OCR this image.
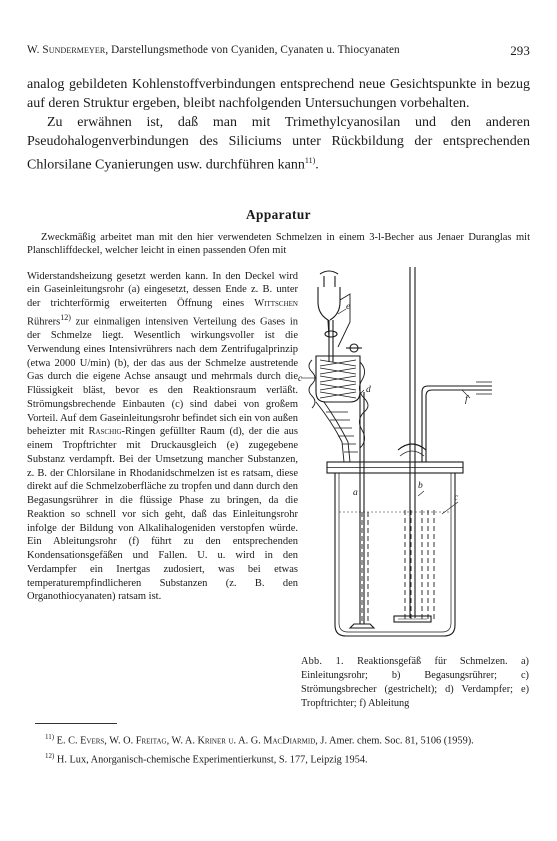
W. Sundermeyer, Darstellungsmethode von Cyaniden, Cyanaten u. Thiocyanaten	293

analog gebildeten Kohlenstoffverbindungen entsprechend neue Gesichtspunkte in bezug auf deren Struktur ergeben, bleibt nachfolgenden Untersuchungen vorbehalten.

Zu erwähnen ist, daß man mit Trimethylcyanosilan und den anderen Pseudohalogenverbindungen des Siliciums unter Rückbildung der entsprechenden Chlorsilane Cyanierungen usw. durchführen kann$^{11)}$.

Apparatur

Zweckmäßig arbeitet man mit den hier verwendeten Schmelzen in einem 3-l-Becher aus Jenaer Duranglas mit Planschliffdeckel, welcher leicht in einen passenden Ofen mit

Widerstandsheizung gesetzt werden kann. In den Deckel wird ein Gaseinleitungsrohr (a) eingesetzt, dessen Ende z. B. unter der trichterförmig erweiterten Öffnung eines Wittschen Rührers$^{12)}$ zur einmaligen intensiven Verteilung des Gases in der Schmelze liegt. Wesentlich wirkungsvoller ist die Verwendung eines Intensivrührers nach dem Zentrifugalprinzip (etwa 2000 U/min) (b), der das aus der Schmelze austretende Gas durch die eigene Achse ansaugt und mehrmals durch die Flüssigkeit bläst, bevor es den Reaktionsraum verläßt. Strömungsbrechende Einbauten (c) sind dabei von großem Vorteil. Auf dem Gaseinleitungsrohr befindet sich ein von außen beheizter mit Raschig-Ringen gefüllter Raum (d), der die aus einem Tropftrichter mit Druckausgleich (e) zugegebene Substanz verdampft. Bei der Umsetzung mancher Substanzen, z. B. der Chlorsilane in Rhodanidschmelzen ist es ratsam, diese direkt auf die Schmelzoberfläche zu tropfen und dann durch den Begasungsrührer in die flüssige Phase zu bringen, da die Reaktion so schnell vor sich geht, daß das Einleitungsrohr infolge der Bildung von Alkalihalogeniden verstopfen würde. Ein Ableitungsrohr (f) führt zu den entsprechenden Kondensationsgefäßen und Fallen. U. u. wird in den Verdampfer ein Inertgas zudosiert, was bei etwas temperaturempfindlicheren Substanzen (z. B. den Organothiocyanaten) ratsam ist.

e
c
d
a
b
f
c

Abb. 1. Reaktionsgefäß für Schmelzen. a) Einleitungsrohr; b) Begasungsrührer; c) Strömungsbrecher (gestrichelt); d) Verdampfer; e) Tropftrichter; f) Ableitung

$^{11)}$ E. C. Evers, W. O. Freitag, W. A. Kriner u. A. G. MacDiarmid, J. Amer. chem. Soc. 81, 5106 (1959).

$^{12)}$ H. Lux, Anorganisch-chemische Experimentierkunst, S. 177, Leipzig 1954.
